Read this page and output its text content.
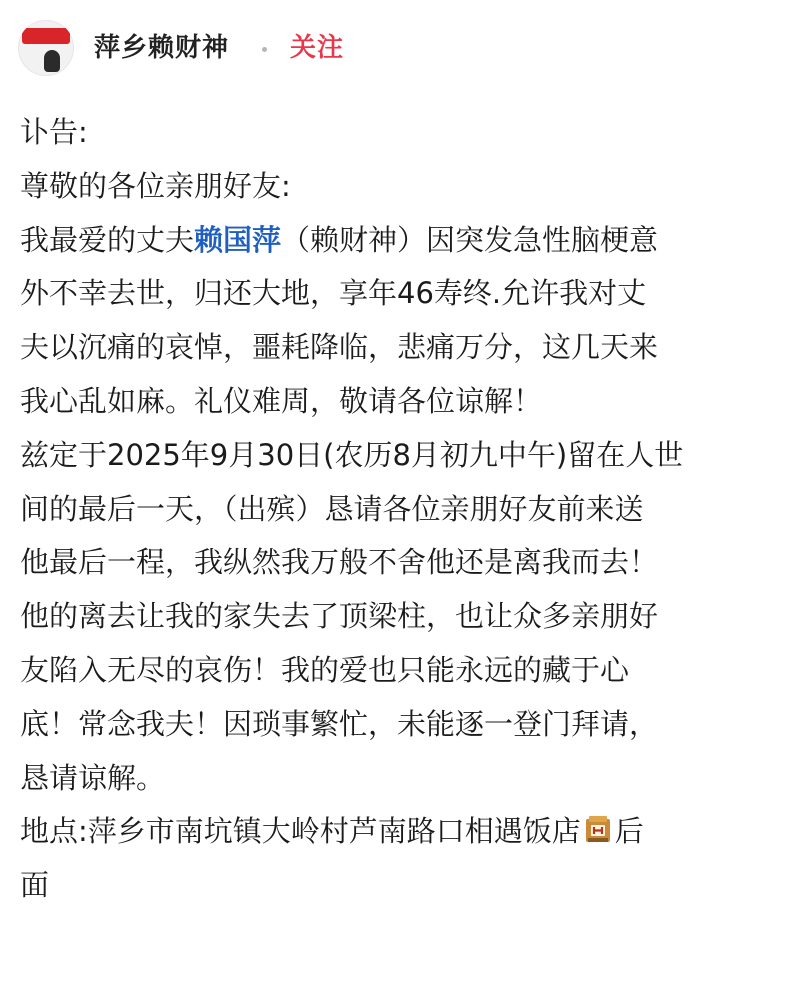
萍乡赖财神 关注
讣告:
尊敬的各位亲朋好友:
我最爱的丈夫赖国萍（赖财神）因突发急性脑梗意
外不幸去世，归还大地，享年46寿终.允许我对丈
夫以沉痛的哀悼，噩耗降临，悲痛万分，这几天来
我心乱如麻。礼仪难周，敬请各位谅解！
兹定于2025年9月30日(农历8月初九中午)留在人世
间的最后一天，（出殡）恳请各位亲朋好友前来送
他最后一程，我纵然我万般不舍他还是离我而去！
他的离去让我的家失去了顶梁柱，也让众多亲朋好
友陷入无尽的哀伤！我的爱也只能永远的藏于心
底！常念我夫！因琐事繁忙，未能逐一登门拜请，
恳请谅解。
地点:萍乡市南坑镇大岭村芦南路口相遇饭店 后
面
